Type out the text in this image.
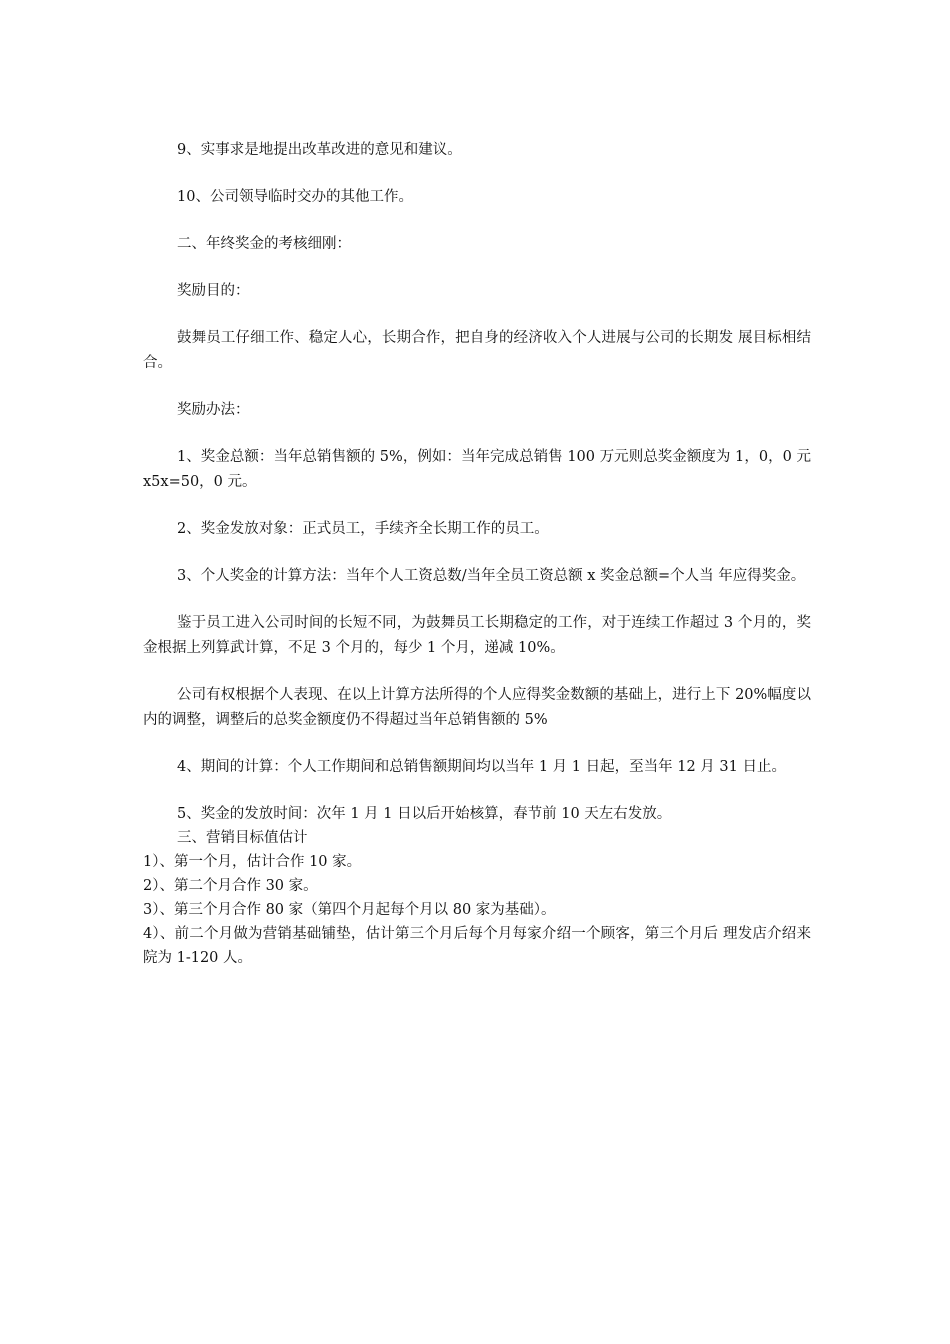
9、实事求是地提出改革改进的意见和建议。

10、公司领导临时交办的其他工作。

二、年终奖金的考核细刚：

奖励目的：

鼓舞员工仔细工作、稳定人心，长期合作，把自身的经济收入个人进展与公司的长期发 展目标相结合。

奖励办法：

1、奖金总额：当年总销售额的 5%，例如：当年完成总销售 100 万元则总奖金额度为 1，0，0 元 x5x=50，0 元。

2、奖金发放对象：正式员工，手续齐全长期工作的员工。

3、个人奖金的计算方法：当年个人工资总数/当年全员工资总额 x 奖金总额=个人当 年应得奖金。

鉴于员工进入公司时间的长短不同，为鼓舞员工长期稳定的工作，对于连续工作超过 3 个月的，奖金根据上列算武计算，不足 3 个月的，每少 1 个月，递减 10%。

公司有权根据个人表现、在以上计算方法所得的个人应得奖金数额的基础上，进行上下 20%幅度以内的调整，调整后的总奖金额度仍不得超过当年总销售额的 5%

4、期间的计算：个人工作期间和总销售额期间均以当年 1 月 1 日起，至当年 12 月 31 日止。

5、奖金的发放时间：次年 1 月 1 日以后开始核算，春节前 10 天左右发放。

三、营销目标值估计

1）、第一个月，估计合作 10 家。

2）、第二个月合作 30 家。

3）、第三个月合作 80 家（第四个月起每个月以 80 家为基础）。

4）、前二个月做为营销基础铺垫，估计第三个月后每个月每家介绍一个顾客，第三个月后 理发店介绍来院为 1-120 人。
